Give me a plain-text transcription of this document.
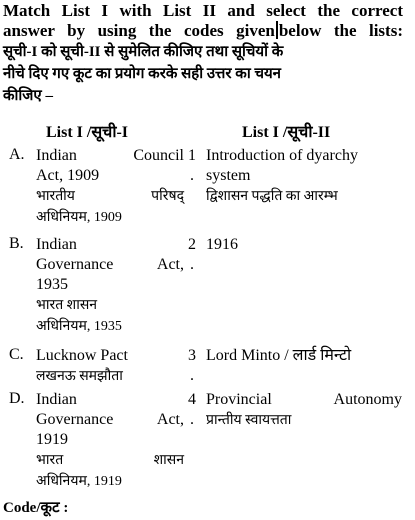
Match List I with List II and select the correct
answer by using the codes given below the lists:
सूची-I को सूची-II से सुमेलित कीजिए तथा सूचियों के
नीचे दिए गए कूट का प्रयोग करके सही उत्तर का चयन
कीजिए –
List I /सूची-I	List I /सूची-II
A. Indian Council
Act, 1909
भारतीय परिषद्
अधिनियम, 1909
1
.
Introduction of dyarchy
system
द्विशासन पद्धति का आरम्भ
B. Indian
Governance Act,
1935
भारत शासन
अधिनियम, 1935
2
.
1916
C. Lucknow Pact
लखनऊ समझौता
3
.
Lord Minto / लार्ड मिन्टो
D. Indian
Governance Act,
1919
भारत शासन
अधिनियम, 1919
4
.
Provincial Autonomy
प्रान्तीय स्वायत्तता
Code/कूट :
